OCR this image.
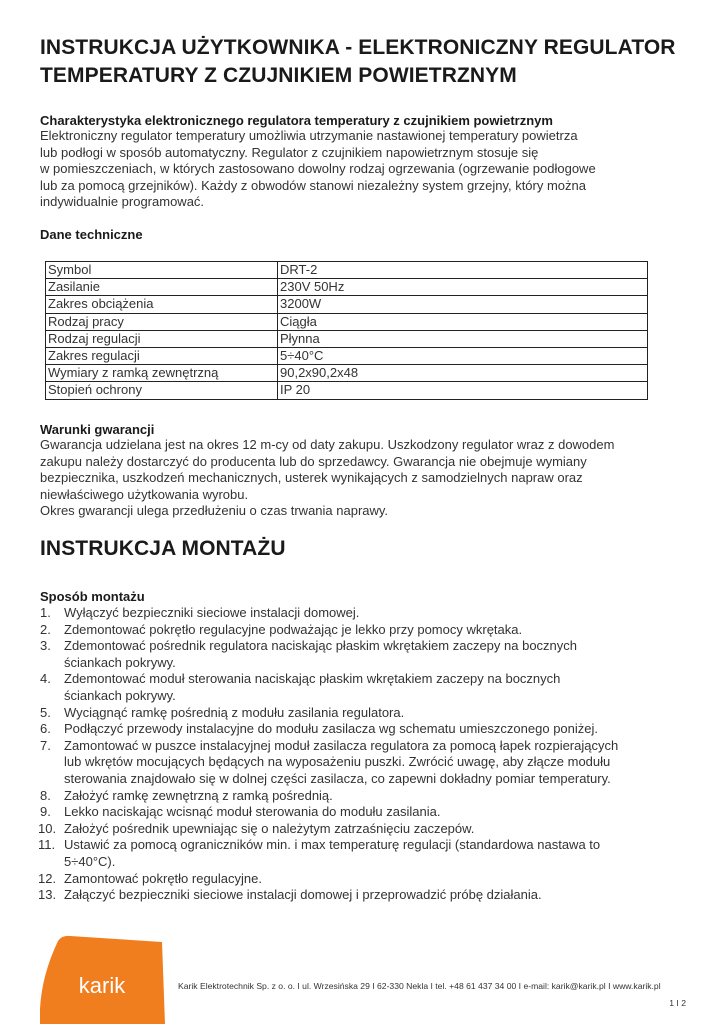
INSTRUKCJA UŻYTKOWNIKA - ELEKTRONICZNY REGULATOR
TEMPERATURY Z CZUJNIKIEM POWIETRZNYM
Charakterystyka elektronicznego regulatora temperatury z czujnikiem powietrznym
Elektroniczny regulator temperatury umożliwia utrzymanie nastawionej temperatury powietrza
lub podłogi w sposób automatyczny. Regulator z czujnikiem napowietrznym stosuje się
w pomieszczeniach, w których zastosowano dowolny rodzaj ogrzewania (ogrzewanie podłogowe
lub za pomocą grzejników). Każdy z obwodów stanowi niezależny system grzejny, który można
indywidualnie programować.
Dane techniczne
Warunki gwarancji
Gwarancja udzielana jest na okres 12 m-cy od daty zakupu. Uszkodzony regulator wraz z dowodem
zakupu należy dostarczyć do producenta lub do sprzedawcy. Gwarancja nie obejmuje wymiany
bezpiecznika, uszkodzeń mechanicznych, usterek wynikających z samodzielnych napraw oraz
niewłaściwego użytkowania wyrobu.
Okres gwarancji ulega przedłużeniu o czas trwania naprawy.
INSTRUKCJA MONTAŻU
Sposób montażu
1. Wyłączyć bezpieczniki sieciowe instalacji domowej.
2. Zdemontować pokrętło regulacyjne podważając je lekko przy pomocy wkrętaka.
3. Zdemontować pośrednik regulatora naciskając płaskim wkrętakiem zaczepy na bocznych
ściankach pokrywy.
4. Zdemontować moduł sterowania naciskając płaskim wkrętakiem zaczepy na bocznych
ściankach pokrywy.
5. Wyciągnąć ramkę pośrednią z modułu zasilania regulatora.
6. Podłączyć przewody instalacyjne do modułu zasilacza wg schematu umieszczonego poniżej.
7. Zamontować w puszce instalacyjnej moduł zasilacza regulatora za pomocą łapek rozpierających
lub wkrętów mocujących będących na wyposażeniu puszki. Zwrócić uwagę, aby złącze modułu
sterowania znajdowało się w dolnej części zasilacza, co zapewni dokładny pomiar temperatury.
8. Założyć ramkę zewnętrzną z ramką pośrednią.
9. Lekko naciskając wcisnąć moduł sterowania do modułu zasilania.
10. Założyć pośrednik upewniając się o należytym zatrzaśnięciu zaczepów.
11. Ustawić za pomocą ograniczników min. i max temperaturę regulacji (standardowa nastawa to
5÷40°C).
12. Zamontować pokrętło regulacyjne.
13. Załączyć bezpieczniki sieciowe instalacji domowej i przeprowadzić próbę działania.
Symbol	DRT-2
Zasilanie	230V 50Hz
Zakres obciążenia	3200W
Rodzaj pracy	Ciągła
Rodzaj regulacji	Płynna
Zakres regulacji	5÷40°C
Wymiary z ramką zewnętrzną	90,2x90,2x48
Stopień ochrony	IP 20
karik	Karik Elektrotechnik Sp. z o. o. I ul. Wrzesińska 29 I 62-330 Nekla I tel. +48 61 437 34 00 I e-mail: karik@karik.pl I www.karik.pl
1 I 2
